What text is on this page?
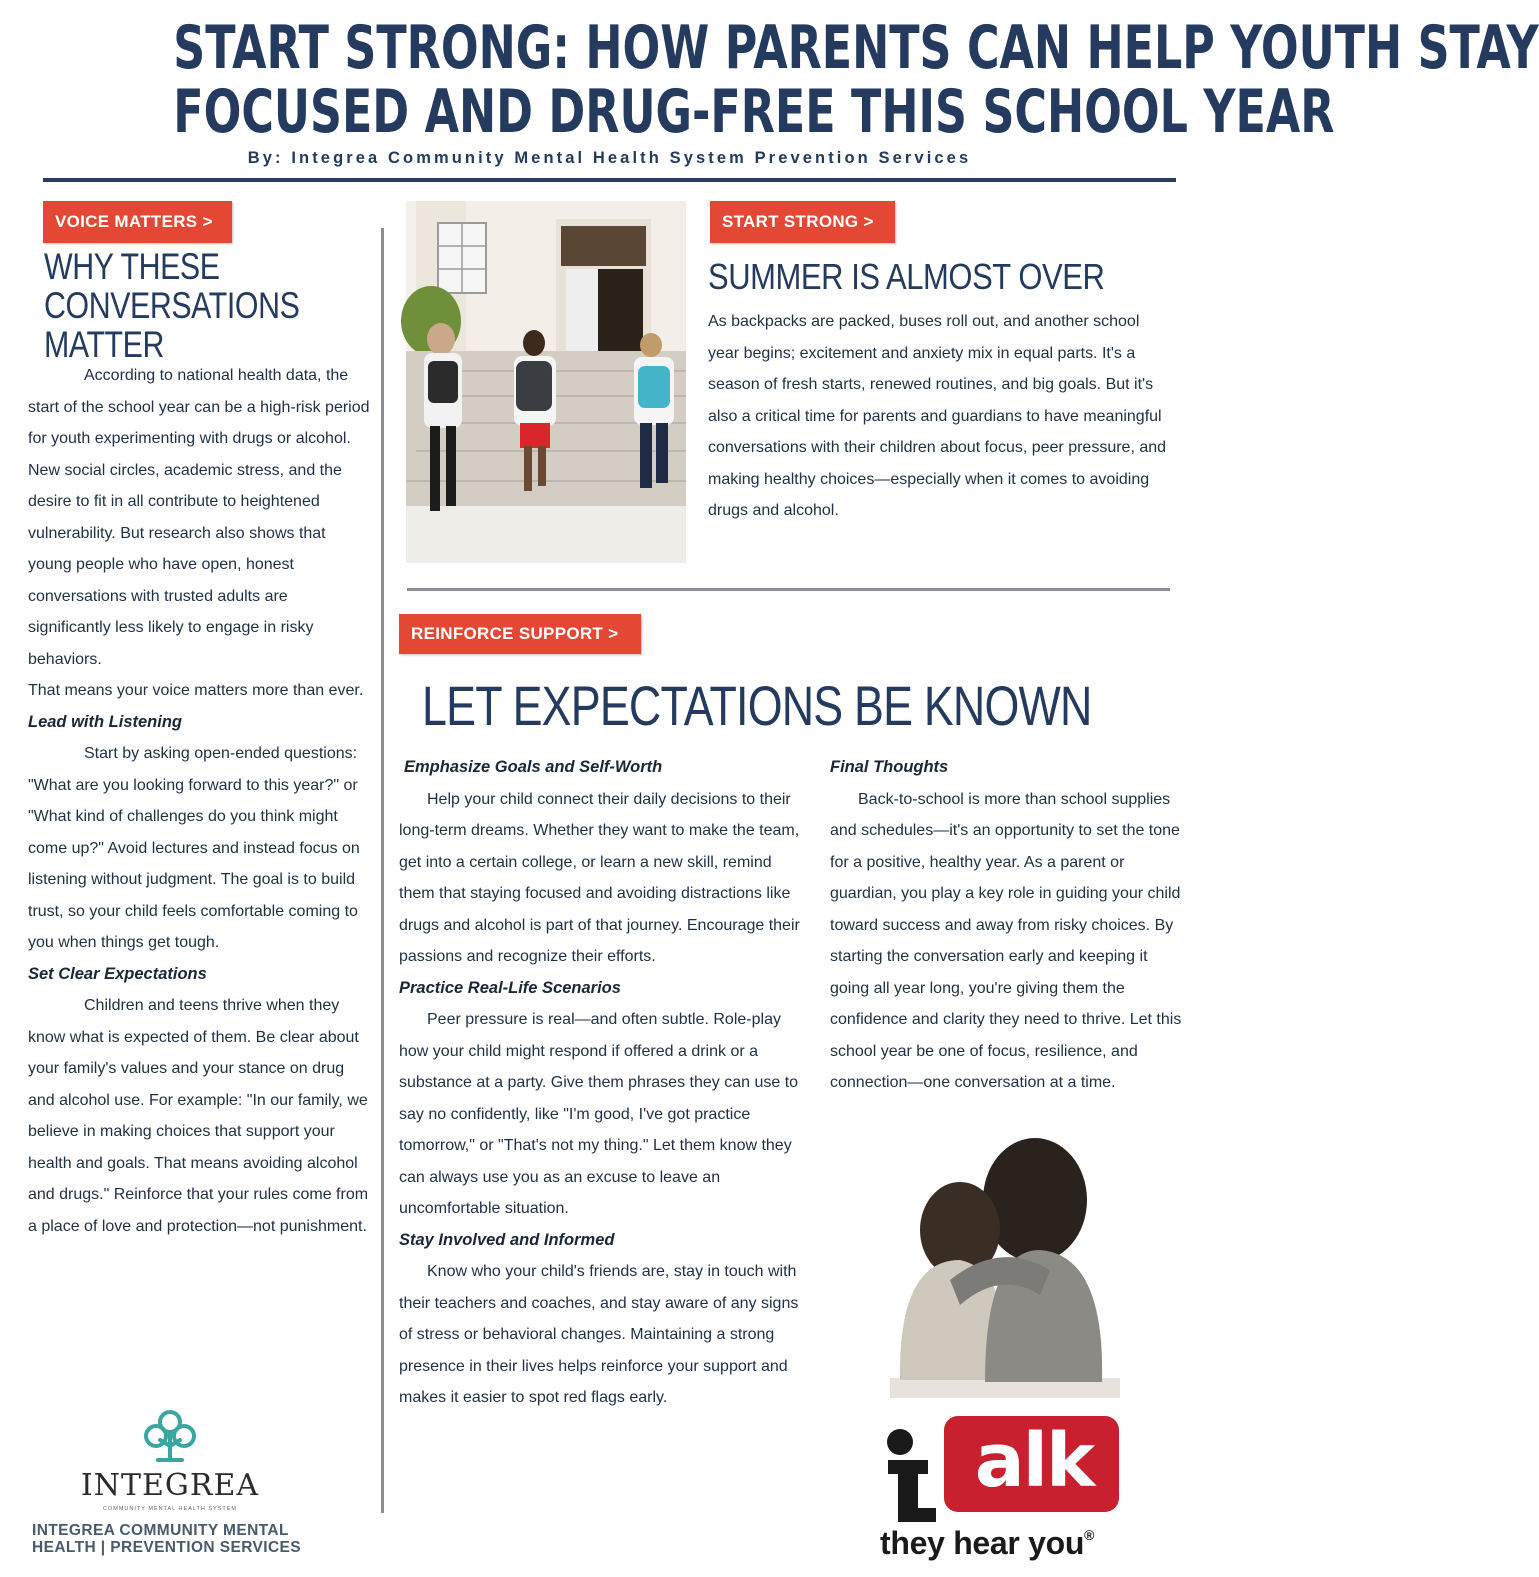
START STRONG: HOW PARENTS CAN HELP YOUTH STAY
FOCUSED AND DRUG-FREE THIS SCHOOL YEAR
By: Integrea Community Mental Health System Prevention Services
VOICE MATTERS >
WHY THESE
CONVERSATIONS
MATTER

According to national health data, the start of the school year can be a high-risk period for youth experimenting with drugs or alcohol. New social circles, academic stress, and the desire to fit in all contribute to heightened vulnerability. But research also shows that young people who have open, honest conversations with trusted adults are significantly less likely to engage in risky behaviors.

That means your voice matters more than ever.

Lead with Listening

Start by asking open-ended questions: "What are you looking forward to this year?" or "What kind of challenges do you think might come up?" Avoid lectures and instead focus on listening without judgment. The goal is to build trust, so your child feels comfortable coming to you when things get tough.

Set Clear Expectations

Children and teens thrive when they know what is expected of them. Be clear about your family's values and your stance on drug and alcohol use. For example: "In our family, we believe in making choices that support your health and goals. That means avoiding alcohol and drugs." Reinforce that your rules come from a place of love and protection—not punishment.

INTEGREA
COMMUNITY MENTAL HEALTH SYSTEM
INTEGREA COMMUNITY MENTAL
HEALTH | PREVENTION SERVICES
START STRONG >
SUMMER IS ALMOST OVER
As backpacks are packed, buses roll out, and another school year begins; excitement and anxiety mix in equal parts. It's a season of fresh starts, renewed routines, and big goals. But it's also a critical time for parents and guardians to have meaningful conversations with their children about focus, peer pressure, and making healthy choices—especially when it comes to avoiding drugs and alcohol.
REINFORCE SUPPORT >
LET EXPECTATIONS BE KNOWN

Emphasize Goals and Self-Worth

Help your child connect their daily decisions to their long-term dreams. Whether they want to make the team, get into a certain college, or learn a new skill, remind them that staying focused and avoiding distractions like drugs and alcohol is part of that journey. Encourage their passions and recognize their efforts.

Practice Real-Life Scenarios

Peer pressure is real—and often subtle. Role-play how your child might respond if offered a drink or a substance at a party. Give them phrases they can use to say no confidently, like "I'm good, I've got practice tomorrow," or "That's not my thing." Let them know they can always use you as an excuse to leave an uncomfortable situation.

Stay Involved and Informed

Know who your child's friends are, stay in touch with their teachers and coaches, and stay aware of any signs of stress or behavioral changes. Maintaining a strong presence in their lives helps reinforce your support and makes it easier to spot red flags early.

Final Thoughts

Back-to-school is more than school supplies and schedules—it's an opportunity to set the tone for a positive, healthy year. As a parent or guardian, you play a key role in guiding your child toward success and away from risky choices. By starting the conversation early and keeping it going all year long, you're giving them the confidence and clarity they need to thrive. Let this school year be one of focus, resilience, and connection—one conversation at a time.

alk
they hear you®
